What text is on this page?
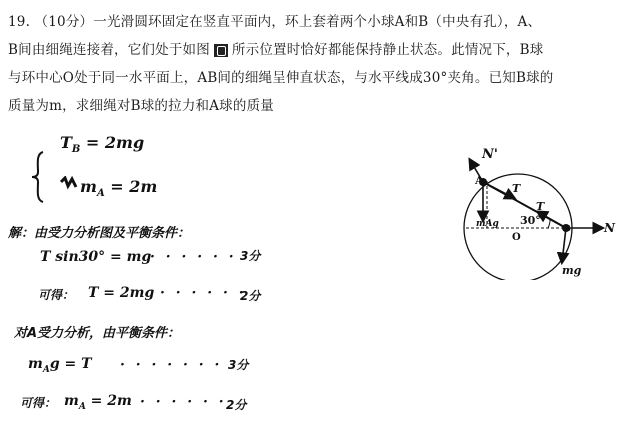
19. （10分）一光滑圆环固定在竖直平面内，环上套着两个小球A和B（中央有孔），A、
B间由细绳连接着，它们处于如图 所示位置时恰好都能保持静止状态。此情况下，B球
与环中心O处于同一水平面上，AB间的细绳呈伸直状态，与水平线成30°夹角。已知B球的
质量为m，求细绳对B球的拉力和A球的质量
$T_B = 2mg$
$m_A = 2m$
解：由受力分析图及平衡条件：
T sin30° = mg
· · · · · · 3分
可得： T = 2mg · · · · · ·
2分
对A受力分析，由平衡条件：
$m_Ag = T$ · · · · · · · 3分
可得： $m_A = 2m$ · · · · · · 2分
N'
A
T
T
30°
mAg
O
B	N
mg
